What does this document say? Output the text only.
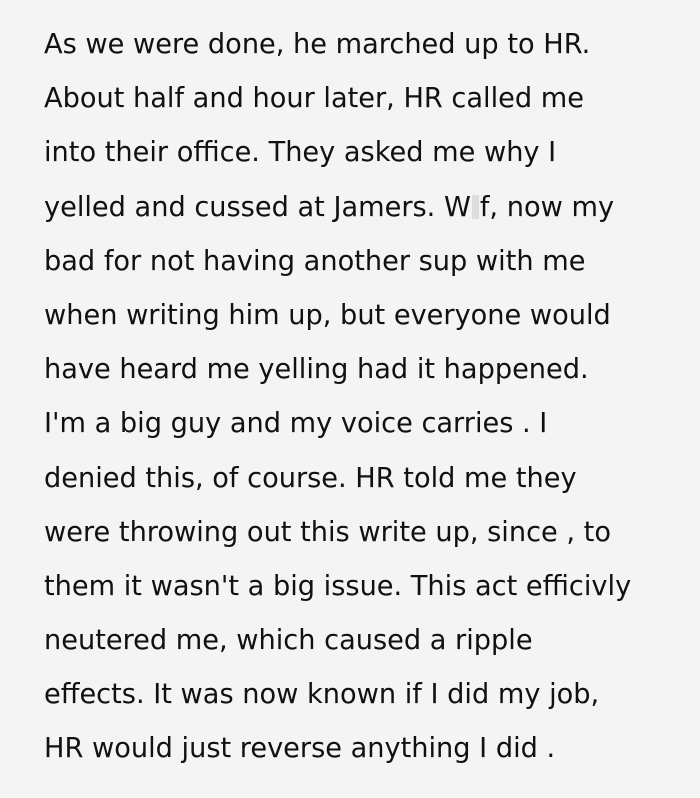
As we were done, he marched up to HR.
About half and hour later, HR called me
into their office. They asked me why I
yelled and cussed at Jamers. W f, now my
bad for not having another sup with me
when writing him up, but everyone would
have heard me yelling had it happened.
I'm a big guy and my voice carries . I
denied this, of course. HR told me they
were throwing out this write up, since , to
them it wasn't a big issue. This act efficivly
neutered me, which caused a ripple
effects. It was now known if I did my job,
HR would just reverse anything I did .
